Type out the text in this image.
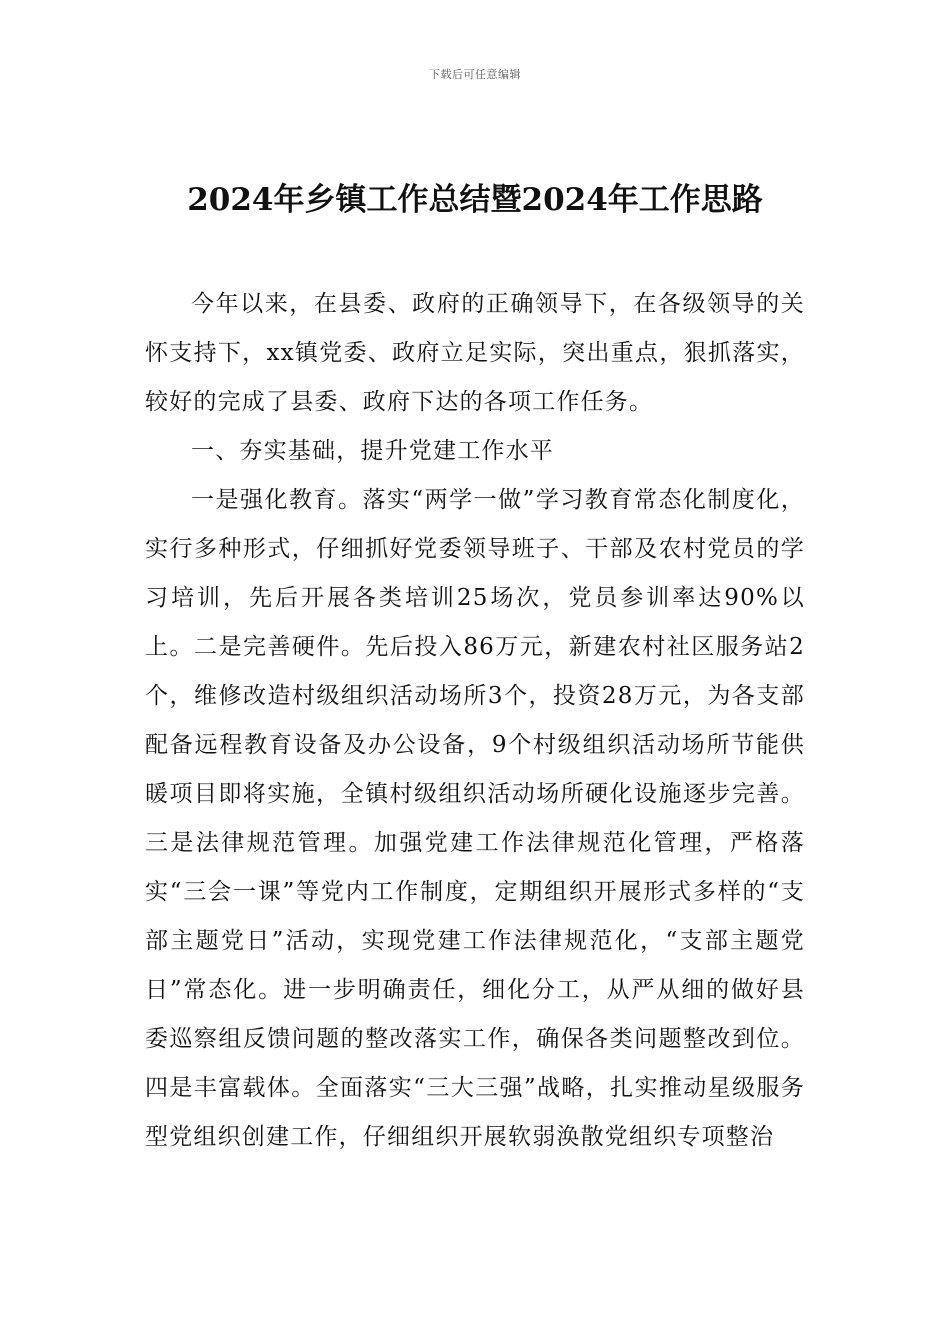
下载后可任意编辑
2024年乡镇工作总结暨2024年工作思路

今年以来，在县委、政府的正确领导下，在各级领导的关怀支持下，xx镇党委、政府立足实际，突出重点，狠抓落实，较好的完成了县委、政府下达的各项工作任务。

一、夯实基础，提升党建工作水平

一是强化教育。落实“两学一做”学习教育常态化制度化，实行多种形式，仔细抓好党委领导班子、干部及农村党员的学习培训，先后开展各类培训25场次，党员参训率达90%以上。二是完善硬件。先后投入86万元，新建农村社区服务站2个，维修改造村级组织活动场所3个，投资28万元，为各支部配备远程教育设备及办公设备，9个村级组织活动场所节能供暖项目即将实施，全镇村级组织活动场所硬化设施逐步完善。三是法律规范管理。加强党建工作法律规范化管理，严格落实“三会一课”等党内工作制度，定期组织开展形式多样的“支部主题党日”活动，实现党建工作法律规范化，“支部主题党日”常态化。进一步明确责任，细化分工，从严从细的做好县委巡察组反馈问题的整改落实工作，确保各类问题整改到位。四是丰富载体。全面落实“三大三强”战略，扎实推动星级服务型党组织创建工作，仔细组织开展软弱涣散党组织专项整治
